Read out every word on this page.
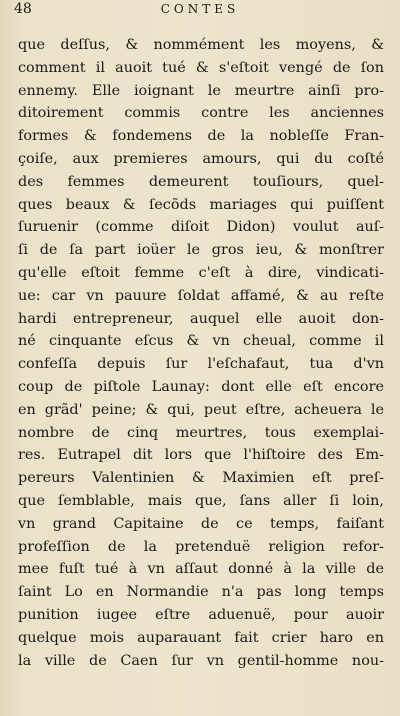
48	CONTES
que deſſus, & nommément les moyens, &
comment il auoit tué & s'eſtoit vengé de ſon
ennemy. Elle ioignant le meurtre ainſi pro-
ditoirement commis contre les anciennes
formes & fondemens de la nobleſſe Fran-
çoiſe, aux premieres amours, qui du coſté
des femmes demeurent touſiours, quel-
ques beaux & ſecõds mariages qui puiſſent
ſuruenir (comme diſoit Didon) voulut auſ-
ſi de ſa part ioüer le gros ieu, & monſtrer
qu'elle eſtoit femme c'eſt à dire, vindicati-
ue: car vn pauure ſoldat affamé, & au reſte
hardi entrepreneur, auquel elle auoit don-
né cinquante eſcus & vn cheual, comme il
confeſſa depuis ſur l'eſchafaut, tua d'vn
coup de piſtole Launay: dont elle eſt encore
en grãd' peine; & qui, peut eſtre, acheuera le
nombre de cinq meurtres, tous exemplai-
res. Eutrapel dit lors que l'hiſtoire des Em-
pereurs Valentinien & Maximien eſt preſ-
que ſemblable, mais que, ſans aller ſi loin,
vn grand Capitaine de ce temps, faiſant
profeſſion de la pretenduë religion refor-
mee fuſt tué à vn aſſaut donné à la ville de
ſaint Lo en Normandie n'a pas long temps
punition iugee eſtre aduenuë, pour auoir
quelque mois auparauant fait crier haro en
la ville de Caen ſur vn gentil-homme nou-
